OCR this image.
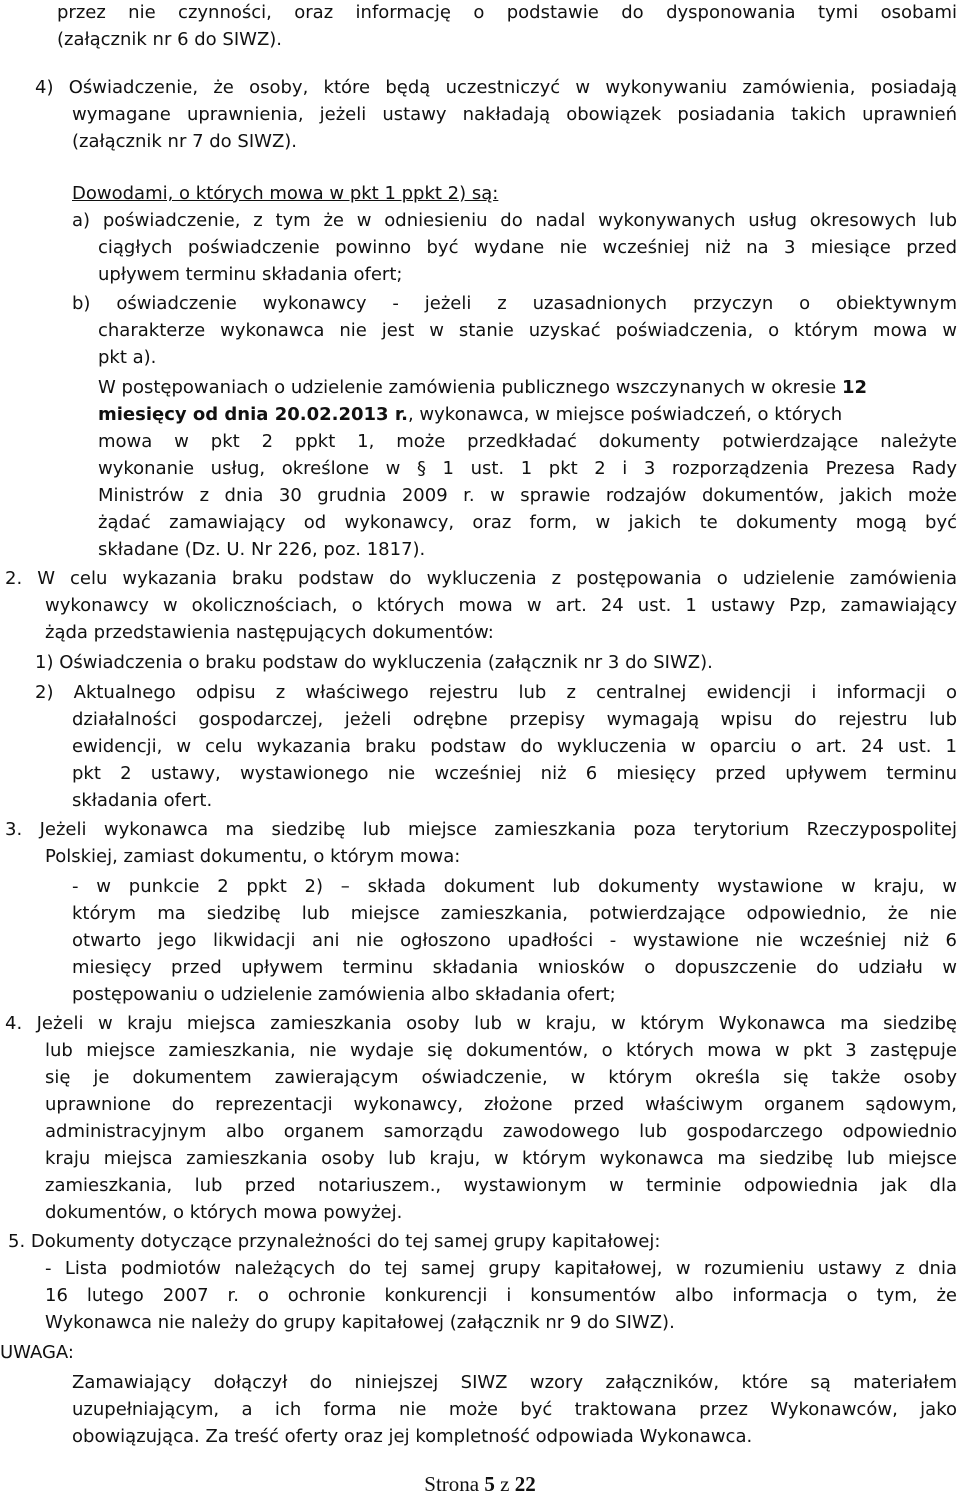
przez nie czynności, oraz informację o podstawie do dysponowania tymi osobami
(załącznik nr 6 do SIWZ).
4) Oświadczenie, że osoby, które będą uczestniczyć w wykonywaniu zamówienia, posiadają
wymagane uprawnienia, jeżeli ustawy nakładają obowiązek posiadania takich uprawnień
(załącznik nr 7 do SIWZ).
Dowodami, o których mowa w pkt 1 ppkt 2) są:
a) poświadczenie, z tym że w odniesieniu do nadal wykonywanych usług okresowych lub
ciągłych poświadczenie powinno być wydane nie wcześniej niż na 3 miesiące przed
upływem terminu składania ofert;
b) oświadczenie wykonawcy - jeżeli z uzasadnionych przyczyn o obiektywnym
charakterze wykonawca nie jest w stanie uzyskać poświadczenia, o którym mowa w
pkt a).
W postępowaniach o udzielenie zamówienia publicznego wszczynanych w okresie 12
miesięcy od dnia 20.02.2013 r., wykonawca, w miejsce poświadczeń, o których
mowa w pkt 2 ppkt 1, może przedkładać dokumenty potwierdzające należyte
wykonanie usług, określone w § 1 ust. 1 pkt 2 i 3 rozporządzenia Prezesa Rady
Ministrów z dnia 30 grudnia 2009 r. w sprawie rodzajów dokumentów, jakich może
żądać zamawiający od wykonawcy, oraz form, w jakich te dokumenty mogą być
składane (Dz. U. Nr 226, poz. 1817).
2. W celu wykazania braku podstaw do wykluczenia z postępowania o udzielenie zamówienia
wykonawcy w okolicznościach, o których mowa w art. 24 ust. 1 ustawy Pzp, zamawiający
żąda przedstawienia następujących dokumentów:
1) Oświadczenia o braku podstaw do wykluczenia (załącznik nr 3 do SIWZ).
2) Aktualnego odpisu z właściwego rejestru lub z centralnej ewidencji i informacji o
działalności gospodarczej, jeżeli odrębne przepisy wymagają wpisu do rejestru lub
ewidencji, w celu wykazania braku podstaw do wykluczenia w oparciu o art. 24 ust. 1
pkt 2 ustawy, wystawionego nie wcześniej niż 6 miesięcy przed upływem terminu
składania ofert.
3. Jeżeli wykonawca ma siedzibę lub miejsce zamieszkania poza terytorium Rzeczypospolitej
Polskiej, zamiast dokumentu, o którym mowa:
- w punkcie 2 ppkt 2) – składa dokument lub dokumenty wystawione w kraju, w
którym ma siedzibę lub miejsce zamieszkania, potwierdzające odpowiednio, że nie
otwarto jego likwidacji ani nie ogłoszono upadłości - wystawione nie wcześniej niż 6
miesięcy przed upływem terminu składania wniosków o dopuszczenie do udziału w
postępowaniu o udzielenie zamówienia albo składania ofert;
4. Jeżeli w kraju miejsca zamieszkania osoby lub w kraju, w którym Wykonawca ma siedzibę
lub miejsce zamieszkania, nie wydaje się dokumentów, o których mowa w pkt 3 zastępuje
się je dokumentem zawierającym oświadczenie, w którym określa się także osoby
uprawnione do reprezentacji wykonawcy, złożone przed właściwym organem sądowym,
administracyjnym albo organem samorządu zawodowego lub gospodarczego odpowiednio
kraju miejsca zamieszkania osoby lub kraju, w którym wykonawca ma siedzibę lub miejsce
zamieszkania, lub przed notariuszem., wystawionym w terminie odpowiednia jak dla
dokumentów, o których mowa powyżej.
5. Dokumenty dotyczące przynależności do tej samej grupy kapitałowej:
- Lista podmiotów należących do tej samej grupy kapitałowej, w rozumieniu ustawy z dnia
16 lutego 2007 r. o ochronie konkurencji i konsumentów albo informacja o tym, że
Wykonawca nie należy do grupy kapitałowej (załącznik nr 9 do SIWZ).
UWAGA:
Zamawiający dołączył do niniejszej SIWZ wzory załączników, które są materiałem
uzupełniającym, a ich forma nie może być traktowana przez Wykonawców, jako
obowiązująca. Za treść oferty oraz jej kompletność odpowiada Wykonawca.
Strona 5 z 22
